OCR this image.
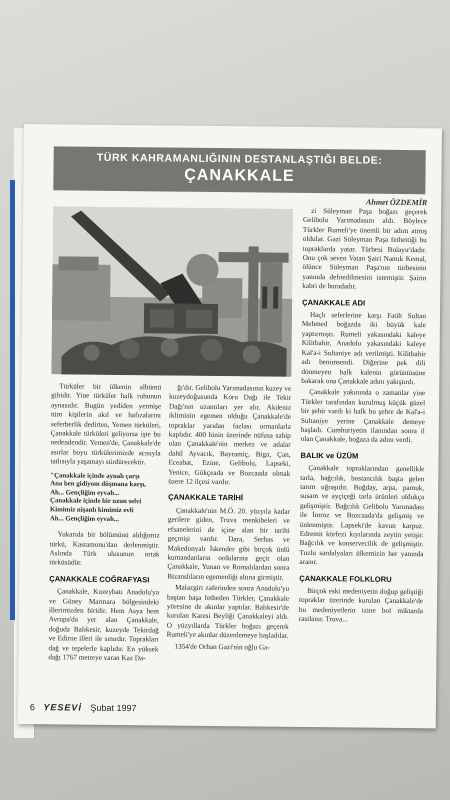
TÜRK KAHRAMANLIĞININ DESTANLAŞTIĞI BELDE:
ÇANAKKALE
Ahmet ÖZDEMİR

Türküler bir ülkenin albümü gibidir. Yine türküler halk ruhunun aynasıdır. Bugün yediden yetmişe tüm kişilerin akıl ve hafızalarını seferberlik dedirten, Yemen türküleri, Çanakkale türküleri geliyorsa işte bu nedendendir. Yemen'de, Çanakkale'de asırlar boyu türkülerimizde acısıyla tatlısıyla yaşamayı sürdürecektir.

"Çanakkale içinde aynalı çarşı
Ana ben gidiyom düşmana karşı,
Ah... Gençliğim eyvah...
Çanakkale içinde bir uzun selvi
Kimimiz nişanlı kimimiz evli
Ah... Gençliğim eyvah...

Yukarıda bir bölümünü aldığımız türkü, Kastamonu'dan derlenmiştir. Aslında Türk ulusunun ortak türküsüdür.

ÇANAKKALE COĞRAFYASI

Çanakkale, Kuzeybatı Anadolu'ya ve Güney Marmara bölgesindeki illerimizden biridir. Hem Asya hem Avrupa'da yer alan Çanakkale, doğuda Balıkesir, kuzeyde Tekirdağ ve Edirne illeri ile sınırdır. Toprakları dağ ve tepelerle kaplıdır. En yüksek dağı 1767 metreye varan Kaz Da-

ğı'dır. Gelibolu Yarımadasının kuzey ve kuzeydoğusunda Koru Dağı ile Tekir Dağı'nın uzantıları yer alır. Akdeniz ikliminin egemen olduğu Çanakkale'de topraklar yarıdan fazlası ormanlarla kaplıdır. 400 binin üzerinde nüfusa sahip olan Çanakkale'nin merkez ve adalar dahil Ayvacık, Bayramiç, Biga, Çan, Eceabat, Ezine, Gelibolu, Lapseki, Yenice, Gökçeada ve Bozcaada olmak üzere 12 ilçesi vardır.

ÇANAKKALE TARİHİ

Çanakkale'nin M.Ö. 20. yüzyıla kadar gerilere giden, Truva menkibeleri ve efsanelerini de içine alan bir tarihi geçmişi vardır. Dara, Serhas ve Makedonyalı İskender gibi birçok ünlü kumandanların ordularına geçit olan Çanakkale, Yunan ve Romalılardan sonra Bizanslıların egemenliği altına girmiştir.

Malazgirt zaferinden sonra Anadolu'yu baştan başa fetheden Türkler, Çanakkale yöresine de akınlar yaptılar. Balıkesir'de kurulan Karesi Beyliği Çanakkaleyi aldı. O yüzyıllarda Türkler boğazı geçerek Rumeli'ye akınlar düzenlemeye başladılar.

1354'de Orhan Gazi'nin oğlu Ga-

zi Süleyman Paşa boğazı geçerek Gelibolu Yarımadasını aldı. Böylece Türkler Rumeli'ye önemli bir adım atmış oldular. Gazi Süleyman Paşa fethettiği bu topraklarda yatar. Türbesi Bolayır'dadır. Onu çok seven Vatan Şairi Namık Kemal, ölünce Süleyman Paşa'nın türbesinin yanında defnedilmesini istemiştir. Şairin kabri de buradadır.

ÇANAKKALE ADI

Haçlı seferlerine karşı Fatih Sultan Mehmed boğazda iki büyük kale yaptırmıştı. Rumeli yakasındaki kaleye Kilitbahir, Anadolu yakasındaki kaleye Kal'a-i Sultaniye adı verilmişti. Kilitbahir adı benimsendi. Diğerine pek dili dönmeyen halk kalenin görüntüsüne bakarak ona Çanakkale adını yakıştırdı.

Çanakkale yakınında o zamanlar yine Türkler tarafından kurulmuş küçük güzel bir şehir vardı ki halk bu şehre de Kal'a-i Sultaniye yerine Çanakkale demeye başladı. Cumhuriyetin ilanından sonra il olan Çanakkale, boğaza da adını verdi.

BALIK ve ÜZÜM

Çanakkale topraklarından genellikle tarla, bağcılık, bostancılık başta gelen tarım uğraşıdır. Buğday, arpa, pamuk, susam ve ayçiçeği tarla ürünleri oldukça gelişmiştir. Bağcılık Gelibolu Yarımadası ile İmroz ve Bozcaada'da gelişmiş ve ünlenmiştir. Lapseki'de kavun karpuz. Edremit körfezi kıyılarında zeytin yetişir. Bağcılık ve konservecilik de gelişmiştir. Tuzlu sardalyaları ülkemizin her yanında aranır.

ÇANAKKALE FOLKLORU

Birçok eski medeniyetin doğup geliştiği topraklar üzerinde kurulan Çanakkale'de bu medeniyetlerin izine bol miktarda rastlanır. Truva...

6 YESEVİ Şubat 1997
